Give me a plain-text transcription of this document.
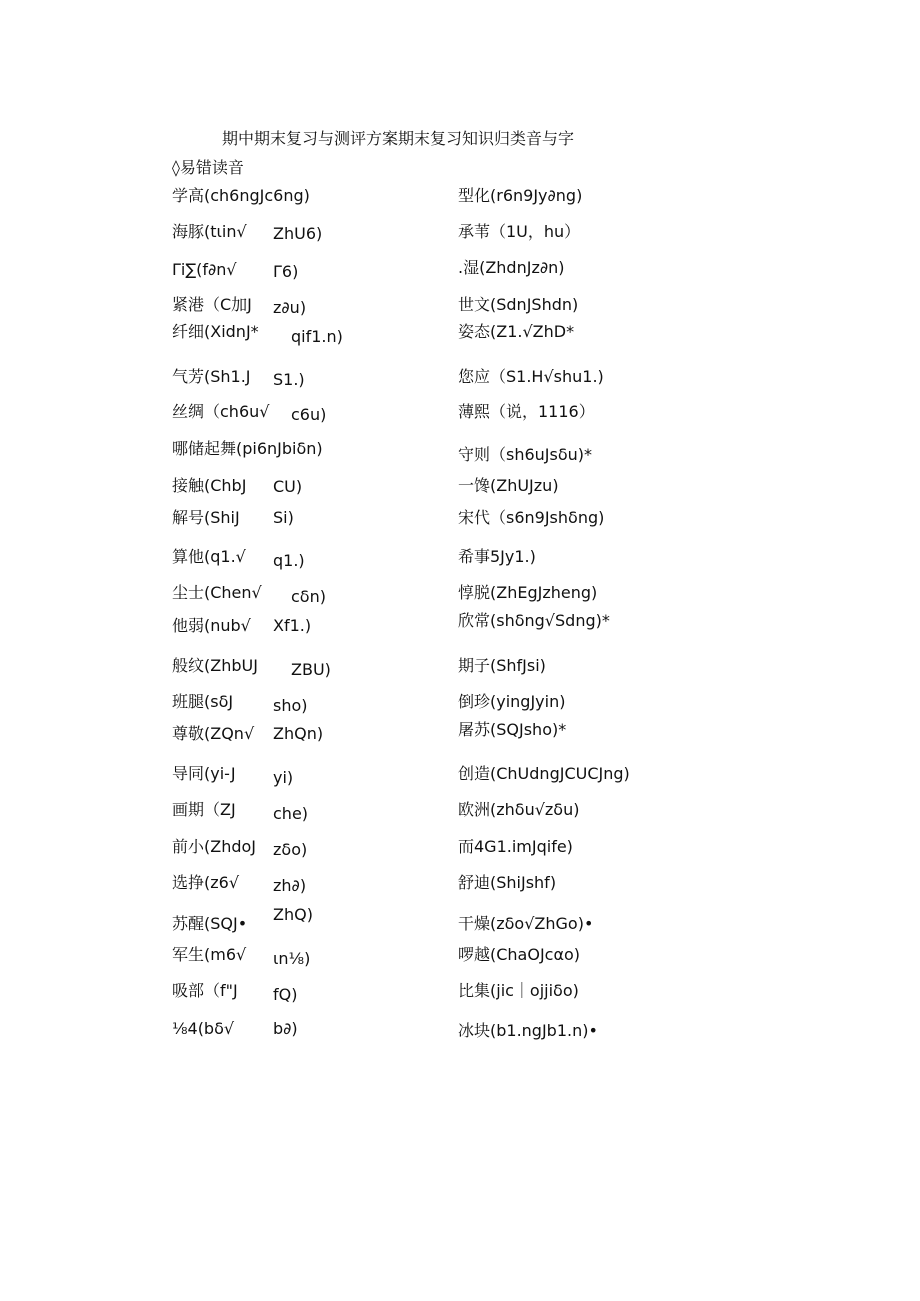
期中期末复习与测评方案期末复习知识归类音与字
◊易错读音
学高(ch6ngJc6ng)	型化(r6n9Jy∂ng)
海豚(tιin√ ZhU6)	承苇（1U，hu）
Γi∑(f∂n√ Γ6)	.湿(ZhdnJz∂n)
紧港（C加J z∂u)	世文(SdnJShdn)
纤细(XidnJ* qif1.n)	姿态(Z1.√ZhD*
气芳(Sh1.J S1.)	您应（S1.H√shu1.)
丝绸（ch6u√ c6u)	薄熙（说，1116）
哪储起舞(pi6nJbiδn)	守则（sh6uJsδu)*
接触(ChbJ CU)	一馋(ZhUJzu)
解号(ShiJ Si)	宋代（s6n9Jshδng)
算他(q1.√ q1.)	希事5Jy1.)
尘士(Chen√ cδn)	惇脱(ZhEgJzheng)
他弱(nub√ Xf1.)	欣常(shδng√Sdng)*
般纹(ZhbUJ ZBU)	期子(ShfJsi)
班腿(sδJ sho)	倒珍(yingJyin)
尊敬(ZQn√ ZhQn)	屠苏(SQJsho)*
导同(yi-J yi)	创造(ChUdngJCUCJng)
画期（ZJ che)	欧洲(zhδu√zδu)
前小(ZhdoJ zδo)	而4G1.imJqife)
选挣(z6√ zh∂)	舒迪(ShiJshf)
苏醒(SQJ• ZhQ)	干燥(zδo√ZhGo)•
军生(m6√ ιn⅛)	啰越(ChaOJcαo)
吸部（f"J fQ)	比集(jic｜ojjiδo)
⅛4(bδ√ b∂)	冰块(b1.ngJb1.n)•
